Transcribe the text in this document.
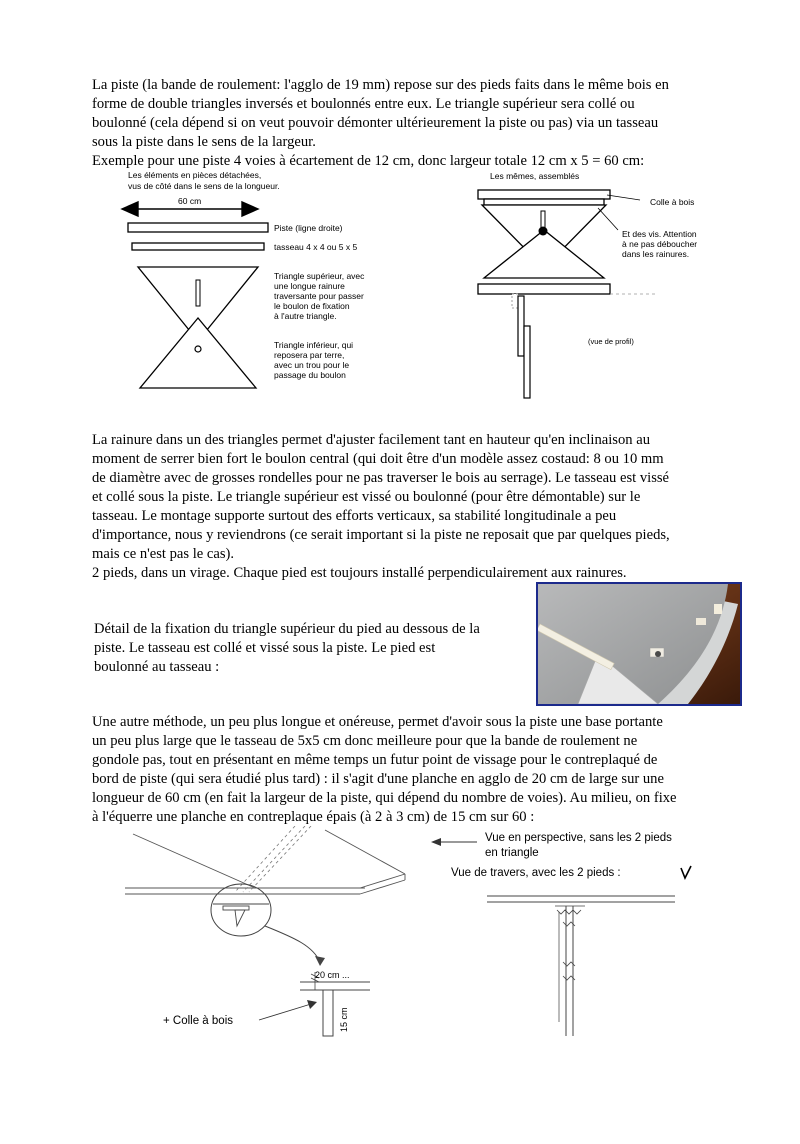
La piste (la bande de roulement: l'agglo de 19 mm) repose sur des pieds faits dans le même bois en
forme de double triangles inversés et boulonnés entre eux. Le triangle supérieur sera collé ou
boulonné (cela dépend si on veut pouvoir démonter ultérieurement la piste ou pas) via un tasseau
sous la piste dans le sens de la largeur.
Exemple pour une piste 4 voies à écartement de 12 cm, donc largeur totale 12 cm x 5 = 60 cm:
Les éléments en pièces détachées,
vus de côté dans le sens de la longueur.
60 cm
Piste (ligne droite)
tasseau 4 x 4 ou 5 x 5
Triangle supérieur, avec
une longue rainure
traversante pour passer
le boulon de fixation
à l'autre triangle.
Triangle inférieur, qui
reposera par terre,
avec un trou pour le
passage du boulon
Les mêmes, assemblés
Colle à bois
Et des vis. Attention
à ne pas déboucher
dans les rainures.
(vue de profil)
La rainure dans un des triangles permet d'ajuster facilement tant en hauteur qu'en inclinaison au
moment de serrer bien fort le boulon central (qui doit être d'un modèle assez costaud: 8 ou 10 mm
de diamètre avec de grosses rondelles pour ne pas traverser le bois au serrage). Le tasseau est vissé
et collé sous la piste. Le triangle supérieur est vissé ou boulonné (pour être démontable) sur le
tasseau. Le montage supporte surtout des efforts verticaux, sa stabilité longitudinale a peu
d'importance, nous y reviendrons (ce serait important si la piste ne reposait que par quelques pieds,
mais ce n'est pas le cas).
2 pieds, dans un virage. Chaque pied est toujours installé perpendiculairement aux rainures.
Détail de la fixation du triangle supérieur du pied au dessous de la
piste. Le tasseau est collé et vissé sous la piste. Le pied est
boulonné au tasseau :
Une autre méthode, un peu plus longue et onéreuse, permet d'avoir sous la piste une base portante
un peu plus large que le tasseau de 5x5 cm donc meilleure pour que la bande de roulement ne
gondole pas, tout en présentant en même temps un futur point de vissage pour le contreplaqué de
bord de piste (qui sera étudié plus tard) : il s'agit d'une planche en agglo de 20 cm de large sur une
longueur de 60 cm (en fait la largeur de la piste, qui dépend du nombre de voies). Au milieu, on fixe
à l'équerre une planche en contreplaque épais (à 2 à 3 cm) de 15 cm sur 60 :
20 cm ...
15 cm
+ Colle à bois
Vue en perspective, sans les 2 pieds
en triangle
Vue de travers, avec les 2 pieds :
